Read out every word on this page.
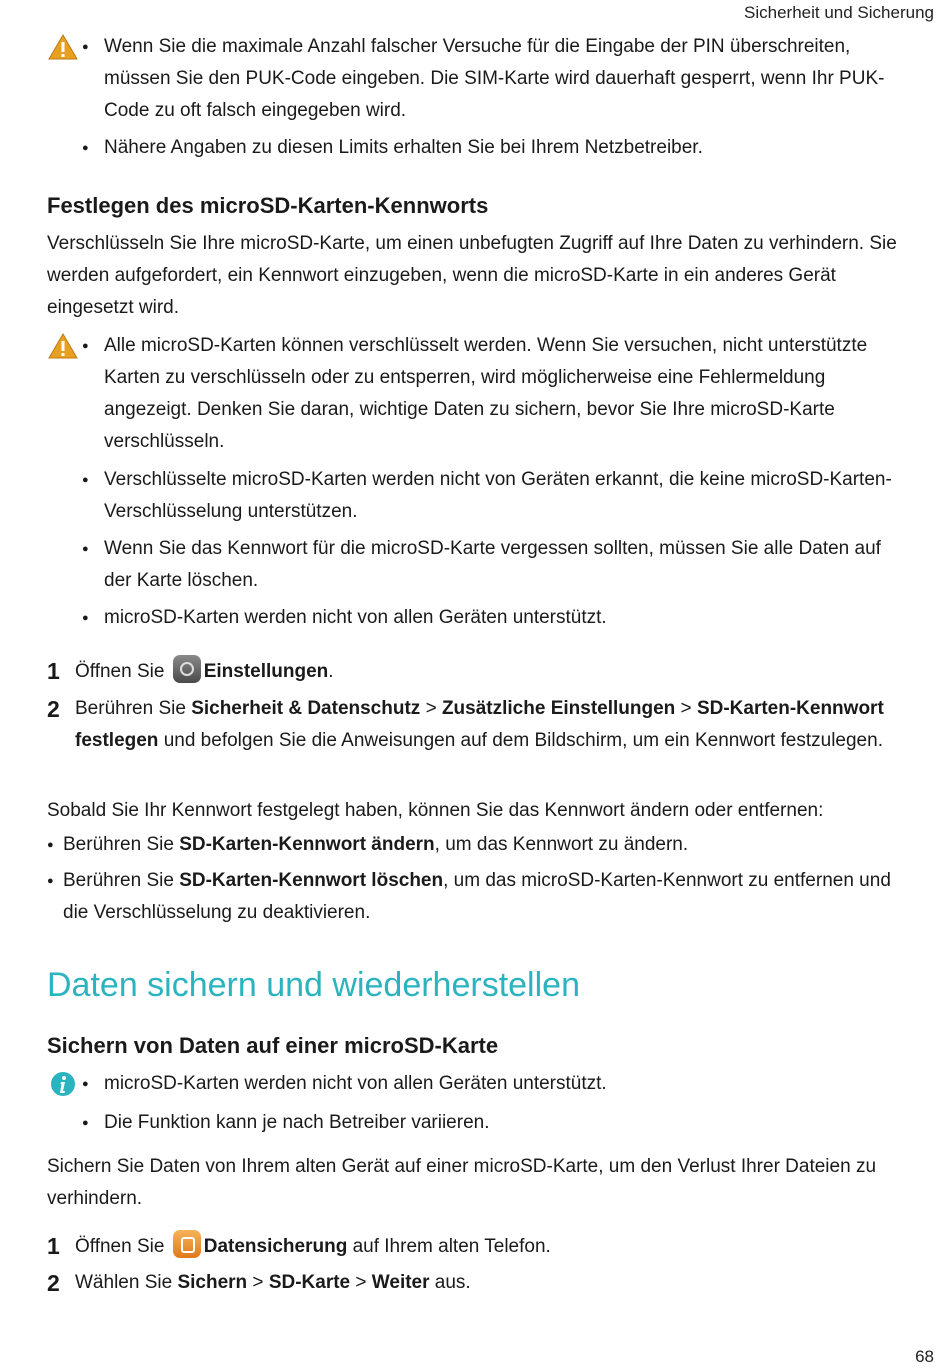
Sicherheit und Sicherung
● Wenn Sie die maximale Anzahl falscher Versuche für die Eingabe der PIN überschreiten, müssen Sie den PUK-Code eingeben. Die SIM-Karte wird dauerhaft gesperrt, wenn Ihr PUK-Code zu oft falsch eingegeben wird.
● Nähere Angaben zu diesen Limits erhalten Sie bei Ihrem Netzbetreiber.
Festlegen des microSD-Karten-Kennworts

Verschlüsseln Sie Ihre microSD-Karte, um einen unbefugten Zugriff auf Ihre Daten zu verhindern. Sie werden aufgefordert, ein Kennwort einzugeben, wenn die microSD-Karte in ein anderes Gerät eingesetzt wird.

● Alle microSD-Karten können verschlüsselt werden. Wenn Sie versuchen, nicht unterstützte Karten zu verschlüsseln oder zu entsperren, wird möglicherweise eine Fehlermeldung angezeigt. Denken Sie daran, wichtige Daten zu sichern, bevor Sie Ihre microSD-Karte verschlüsseln.
● Verschlüsselte microSD-Karten werden nicht von Geräten erkannt, die keine microSD-Karten-Verschlüsselung unterstützen.
● Wenn Sie das Kennwort für die microSD-Karte vergessen sollten, müssen Sie alle Daten auf der Karte löschen.
● microSD-Karten werden nicht von allen Geräten unterstützt.
1 Öffnen Sie Einstellungen.
2 Berühren Sie Sicherheit & Datenschutz > Zusätzliche Einstellungen > SD-Karten-Kennwort festlegen und befolgen Sie die Anweisungen auf dem Bildschirm, um ein Kennwort festzulegen.

Sobald Sie Ihr Kennwort festgelegt haben, können Sie das Kennwort ändern oder entfernen:

● Berühren Sie SD-Karten-Kennwort ändern, um das Kennwort zu ändern.
● Berühren Sie SD-Karten-Kennwort löschen, um das microSD-Karten-Kennwort zu entfernen und die Verschlüsselung zu deaktivieren.
Daten sichern und wiederherstellen
Sichern von Daten auf einer microSD-Karte
● microSD-Karten werden nicht von allen Geräten unterstützt.
● Die Funktion kann je nach Betreiber variieren.

Sichern Sie Daten von Ihrem alten Gerät auf einer microSD-Karte, um den Verlust Ihrer Dateien zu verhindern.

1 Öffnen Sie Datensicherung auf Ihrem alten Telefon.
2 Wählen Sie Sichern > SD-Karte > Weiter aus.
68
